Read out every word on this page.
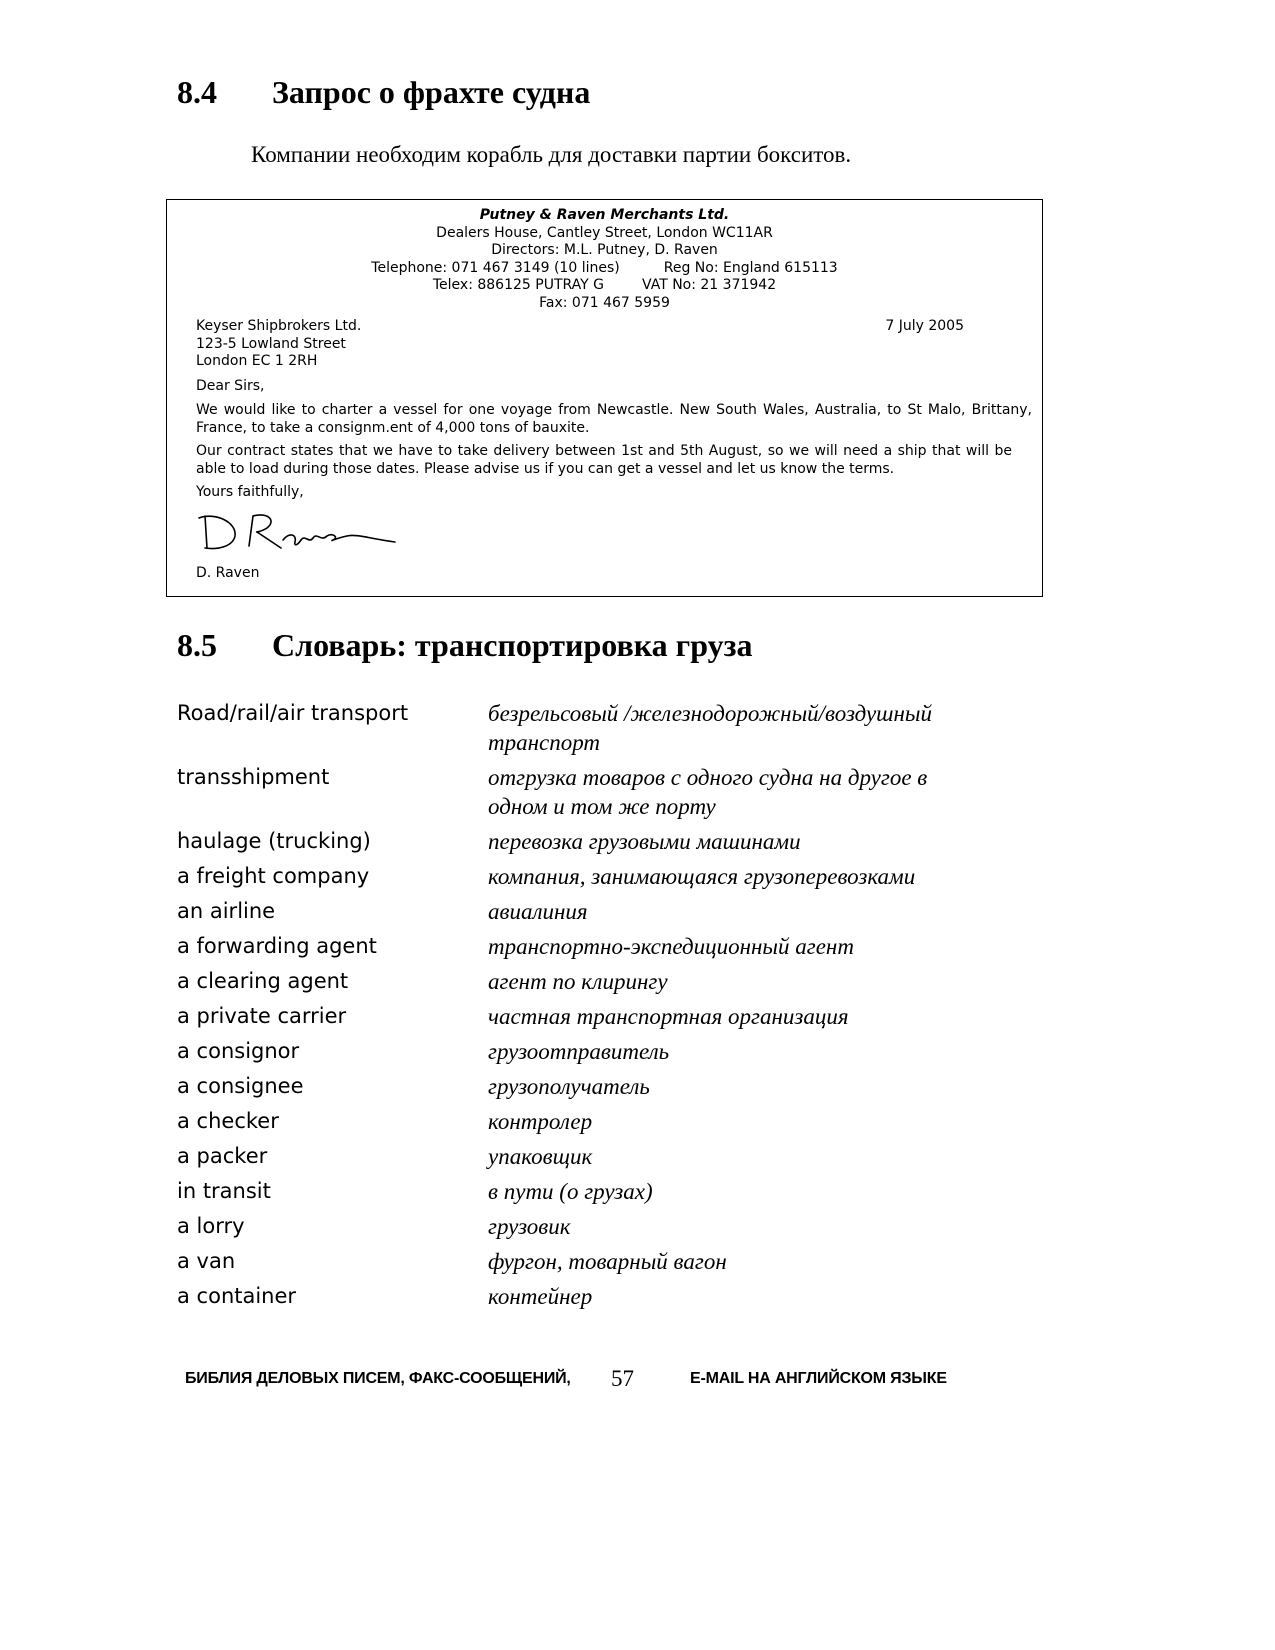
8.4 Запрос о фрахте судна

Компании необходим корабль для доставки партии бокситов.

Putney & Raven Merchants Ltd.
Dealers House, Cantley Street, London WC11AR
Directors: M.L. Putney, D. Raven
Telephone: 071 467 3149 (10 lines)	Reg No: England 615113
Telex: 886125 PUTRAY G	VAT No: 21 371942
Fax: 071 467 5959
Keyser Shipbrokers Ltd.
123-5 Lowland Street
London EC 1 2RH
7 July 2005
Dear Sirs,

We would like to charter a vessel for one voyage from Newcastle. New South Wales, Australia, to St Malo, Brittany, France, to take a consignm.ent of 4,000 tons of bauxite.

Our contract states that we have to take delivery between 1st and 5th August, so we will need a ship that will be able to load during those dates. Please advise us if you can get a vessel and let us know the terms.

Yours faithfully,
D. Raven
8.5 Словарь: транспортировка груза
Road/rail/air transport	безрельсовый /железнодорожный/воздушный транспорт
transshipment	отгрузка товаров с одного судна на другое в одном и том же порту
haulage (trucking)	перевозка грузовыми машинами
a freight company	компания, занимающаяся грузоперевозками
an airline	авиалиния
a forwarding agent	транспортно-экспедиционный агент
a clearing agent	агент по клирингу
a private carrier	частная транспортная организация
a consignor	грузоотправитель
a consignee	грузополучатель
a checker	контролер
a packer	упаковщик
in transit	в пути (о грузах)
a lorry	грузовик
a van	фургон, товарный вагон
a container	контейнер
БИБЛИЯ ДЕЛОВЫХ ПИСЕМ, ФАКС-СООБЩЕНИЙ, 57	E-MAIL НА АНГЛИЙСКОМ ЯЗЫКЕ
